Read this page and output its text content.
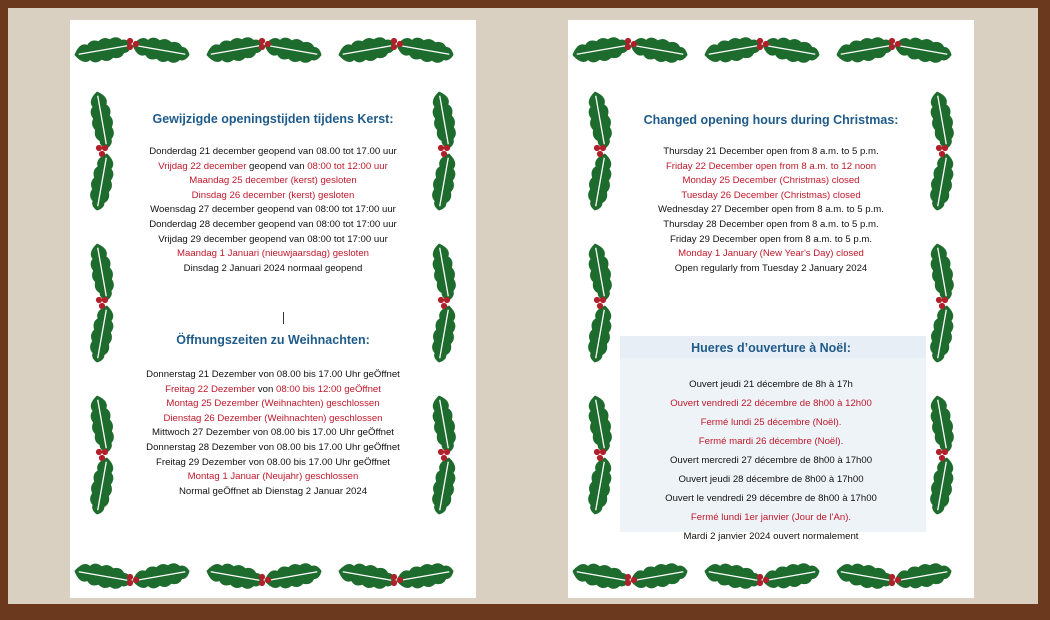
Gewijzigde openingstijden tijdens Kerst:

Donderdag 21 december geopend van 08.00 tot 17.00 uur
Vrijdag 22 december geopend van 08:00 tot 12:00 uur
Maandag 25 december (kerst) gesloten
Dinsdag 26 december (kerst) gesloten
Woensdag 27 december geopend van 08:00 tot 17:00 uur
Donderdag 28 december geopend van 08:00 tot 17:00 uur
Vrijdag 29 december geopend van 08:00 tot 17:00 uur
Maandag 1 Januari (nieuwjaarsdag) gesloten
Dinsdag 2 Januari 2024 normaal geopend

Öffnungszeiten zu Weihnachten:

Donnerstag 21 Dezember von 08.00 bis 17.00 Uhr geÖffnet
Freitag 22 Dezember von 08:00 bis 12:00 geÖffnet
Montag 25 Dezember (Weihnachten) geschlossen
Dienstag 26 Dezember (Weihnachten) geschlossen
Mittwoch 27 Dezember von 08.00 bis 17.00 Uhr geÖffnet
Donnerstag 28 Dezember von 08.00 bis 17.00 Uhr geÖffnet
Freitag 29 Dezember von 08.00 bis 17.00 Uhr geÖffnet
Montag 1 Januar (Neujahr) geschlossen
Normal geÖffnet ab Dienstag 2 Januar 2024

Changed opening hours during Christmas:

Thursday 21 December open from 8 a.m. to 5 p.m.
Friday 22 December open from 8 a.m. to 12 noon
Monday 25 December (Christmas) closed
Tuesday 26 December (Christmas) closed
Wednesday 27 December open from 8 a.m. to 5 p.m.
Thursday 28 December open from 8 a.m. to 5 p.m.
Friday 29 December open from 8 a.m. to 5 p.m.
Monday 1 January (New Year's Day) closed
Open regularly from Tuesday 2 January 2024

Hueres d’ouverture à Noël:

Ouvert jeudi 21 décembre de 8h à 17h
Ouvert vendredi 22 décembre de 8h00 à 12h00
Fermé lundi 25 décembre (Noël).
Fermé mardi 26 décembre (Noël).
Ouvert mercredi 27 décembre de 8h00 à 17h00
Ouvert jeudi 28 décembre de 8h00 à 17h00
Ouvert le vendredi 29 décembre de 8h00 à 17h00
Fermé lundi 1er janvier (Jour de l'An).
Mardi 2 janvier 2024 ouvert normalement
